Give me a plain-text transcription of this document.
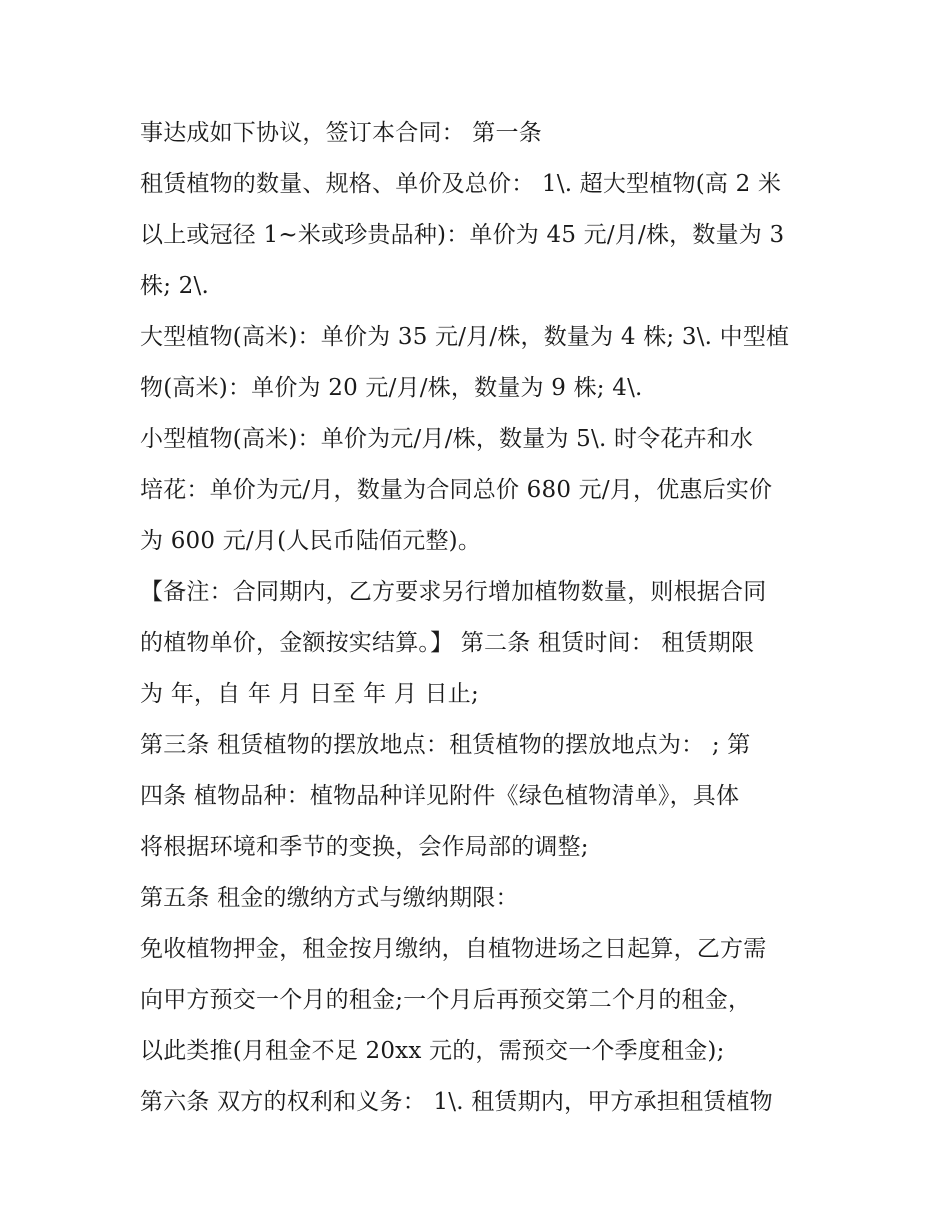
事达成如下协议，签订本合同： 第一条
租赁植物的数量、规格、单价及总价： 1\. 超大型植物(高 2 米
以上或冠径 1~米或珍贵品种)：单价为 45 元/月/株，数量为 3
株; 2\.
大型植物(高米)：单价为 35 元/月/株，数量为 4 株; 3\. 中型植
物(高米)：单价为 20 元/月/株，数量为 9 株; 4\.
小型植物(高米)：单价为元/月/株，数量为 5\. 时令花卉和水
培花：单价为元/月，数量为合同总价 680 元/月，优惠后实价
为 600 元/月(人民币陆佰元整)。
【备注：合同期内，乙方要求另行增加植物数量，则根据合同
的植物单价，金额按实结算。】 第二条 租赁时间： 租赁期限
为 年，自 年 月 日至 年 月 日止;
第三条 租赁植物的摆放地点：租赁植物的摆放地点为： ; 第
四条 植物品种：植物品种详见附件《绿色植物清单》，具体
将根据环境和季节的变换，会作局部的调整;
第五条 租金的缴纳方式与缴纳期限：
免收植物押金，租金按月缴纳，自植物进场之日起算，乙方需
向甲方预交一个月的租金;一个月后再预交第二个月的租金，
以此类推(月租金不足 20xx 元的，需预交一个季度租金);
第六条 双方的权利和义务： 1\. 租赁期内，甲方承担租赁植物
